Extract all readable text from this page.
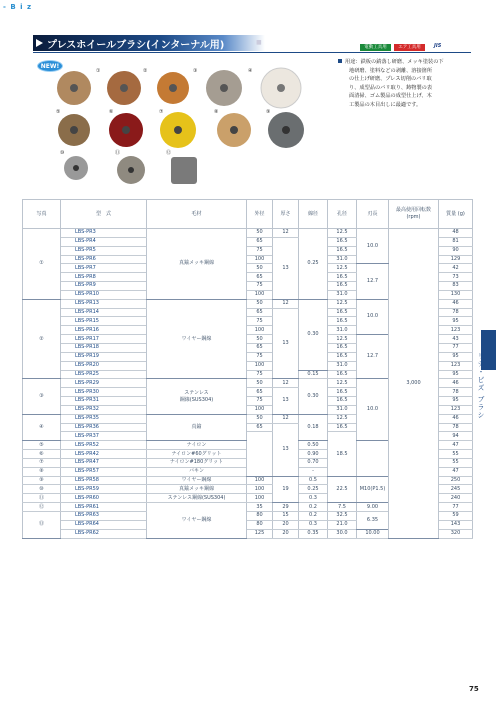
- B i z
プレスホイールブラシ(インターナル用)	■
電動工具用	エア工具用	JIS
①	②	③	④
⑤	⑥	⑦	⑧	⑨
⑩	⑪	⑫
NEW!
用途：鉄板の錆落し研磨、メッキ塗装の下
地研磨、塗料などの剥離、溶接箇所
の仕上げ研磨、プレス切削のバリ取
り、成型品のバリ取り、鋳物製の表
面清掃、ゴム製品の成型仕上げ、木
工製品の木目出しに最適です。
写真	型　式	毛材	外径	厚さ	線径	孔径	刃長	最高使用回転数 (rpm)	質量 (g)
①	LBS-PR3	真鍮メッキ鋼線	50	12	0.25	12.5	10.0	3,000	48
	LBS-PR4		65	13		16.5			81
	LBS-PR5		75			16.5			90
	LBS-PR6		100			31.0			129
	LBS-PR7		50			12.5	12.7		42
	LBS-PR8		65			16.5			73
	LBS-PR9		75			16.5			83
	LBS-PR10		100			31.0			130
②	LBS-PR13	ワイヤー鋼線	50	12	0.30	12.5	10.0		46
	LBS-PR14		65	13		16.5			78
	LBS-PR15		75			16.5			95
	LBS-PR16		100			31.0			123
	LBS-PR17		50			12.5	12.7		43
	LBS-PR18		65			16.5			77
	LBS-PR19		75			16.5			95
	LBS-PR20		100			31.0			123
	LBS-PR25		75		0.15	16.5			95
③	LBS-PR29	ステンレス
鋼線(SUS304)	50	12	0.30	12.5	10.0		46
	LBS-PR30		65	13		16.5			78
	LBS-PR31		75			16.5			95
	LBS-PR32		100			31.0			123
④	LBS-PR35	真鍮	50	12	0.18	12.5			46
	LBS-PR36		65	13		16.5			78
	LBS-PR37					18.5			94
⑤	LBS-PR52	ナイロン			0.50				47
⑥	LBS-PR42	ナイロン#60グリット			0.90				55
⑦	LBS-PR47	ナイロン#180グリット			0.70				55
⑧	LBS-PR57	バキン			-				47
⑨	LBS-PR58	ワイヤー鋼線	100	19	0.5	22.5	M10(P1.5)		250
⑩	LBS-PR59	真鍮メッキ鋼線	100		0.25				245
⑪	LBS-PR60	ステンレス鋼線(SUS304)	100		0.3				240
⑫	LBS-PR61	ワイヤー鋼線	35	29	0.2	7.5	9.00		77
⑬	LBS-PR63		80	15	0.2	32.5	6.35		59
	LBS-PR64		80	20	0.3	21.0			143
	LBS-PR62		125	20	0.35	30.0	10.00		320
リテ・ビズ ブラシ
75
